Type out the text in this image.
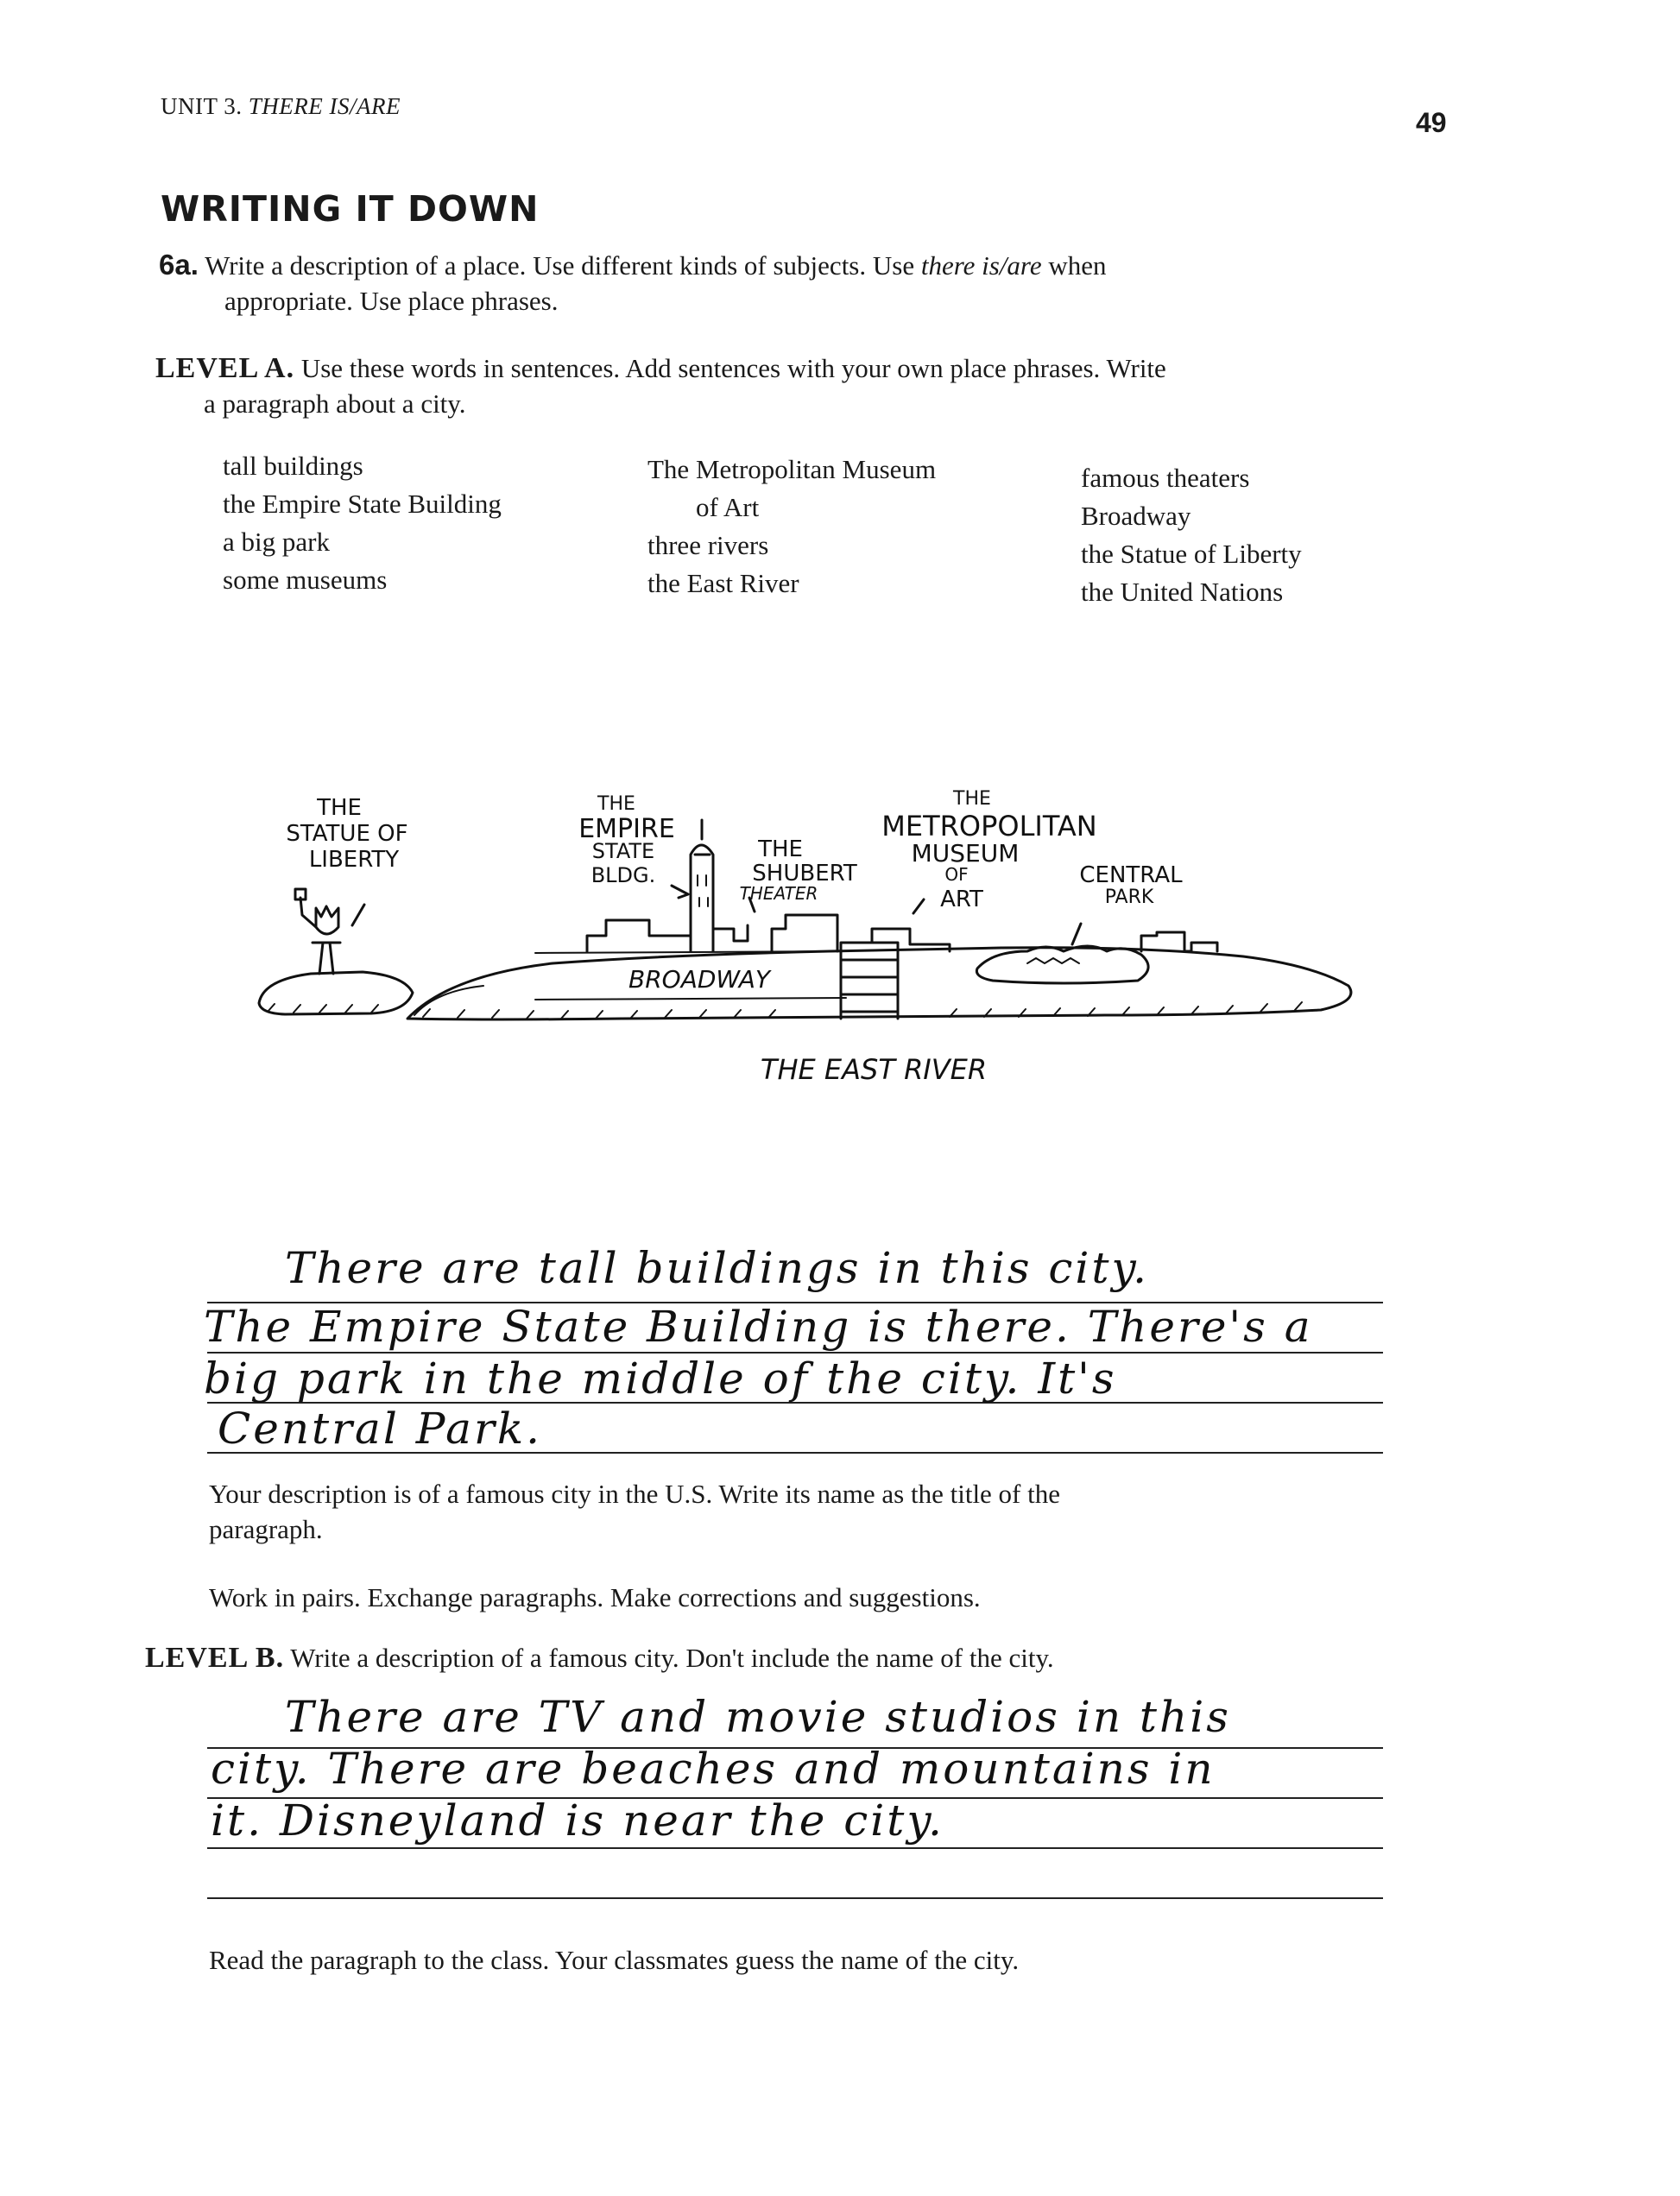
UNIT 3. THERE IS/ARE
49
WRITING IT DOWN
6a. Write a description of a place. Use different kinds of subjects. Use there is/are when
appropriate. Use place phrases.
LEVEL A. Use these words in sentences. Add sentences with your own place phrases. Write
a paragraph about a city.
tall buildings
the Empire State Building
a big park
some museums
The Metropolitan Museum
of Art
three rivers
the East River
famous theaters
Broadway
the Statue of Liberty
the United Nations
THE
STATUE OF
LIBERTY
THE
EMPIRE
STATE
BLDG.
THE
SHUBERT
THEATER
THE
METROPOLITAN
MUSEUM
OF
ART
CENTRAL
PARK
BROADWAY
THE EAST RIVER
There are tall buildings in this city.
The Empire State Building is there. There's a
big park in the middle of the city. It's
Central Park.
Your description is of a famous city in the U.S. Write its name as the title of the
paragraph.
Work in pairs. Exchange paragraphs. Make corrections and suggestions.
LEVEL B. Write a description of a famous city. Don't include the name of the city.
There are TV and movie studios in this
city. There are beaches and mountains in
it. Disneyland is near the city.
Read the paragraph to the class. Your classmates guess the name of the city.
